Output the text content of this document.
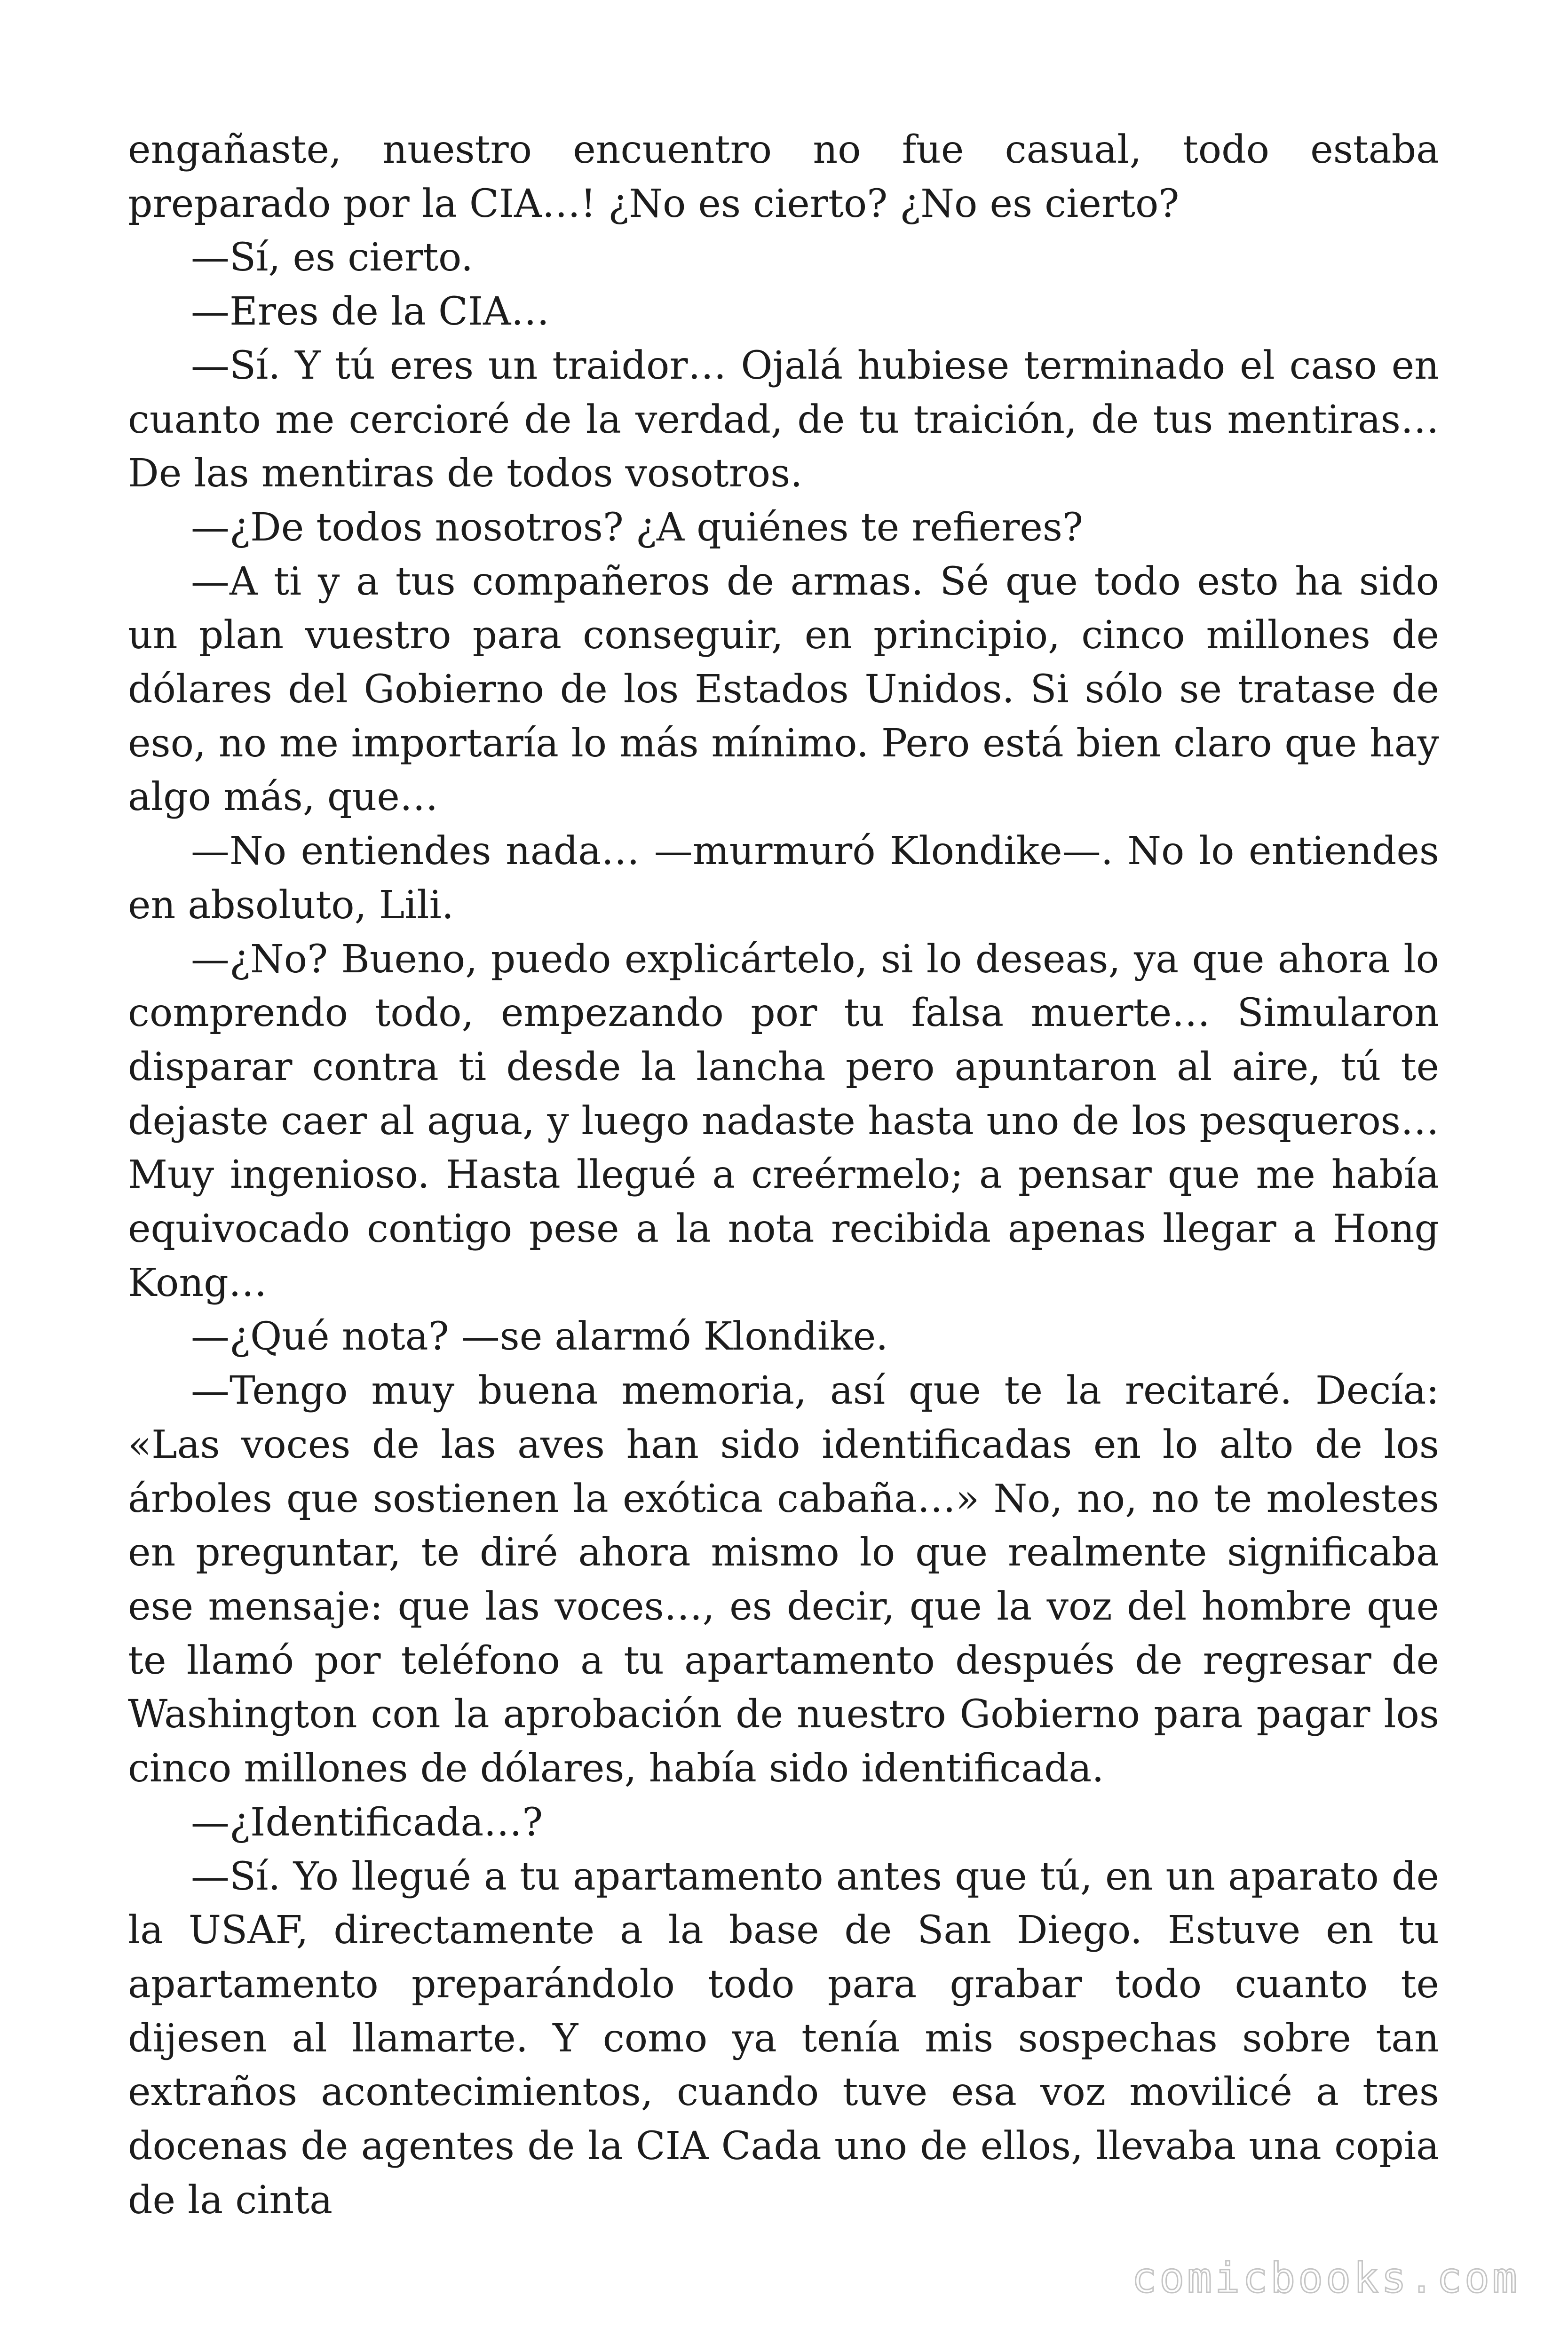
engañaste, nuestro encuentro no fue casual, todo estaba preparado por la CIA…! ¿No es cierto? ¿No es cierto?

—Sí, es cierto.

—Eres de la CIA…

—Sí. Y tú eres un traidor… Ojalá hubiese terminado el caso en cuanto me cercioré de la verdad, de tu traición, de tus mentiras… De las mentiras de todos vosotros.

—¿De todos nosotros? ¿A quiénes te refieres?

—A ti y a tus compañeros de armas. Sé que todo esto ha sido un plan vuestro para conseguir, en principio, cinco millones de dólares del Gobierno de los Estados Unidos. Si sólo se tratase de eso, no me importaría lo más mínimo. Pero está bien claro que hay algo más, que…

—No entiendes nada… —murmuró Klondike—. No lo entiendes en absoluto, Lili.

—¿No? Bueno, puedo explicártelo, si lo deseas, ya que ahora lo comprendo todo, empezando por tu falsa muerte… Simularon disparar contra ti desde la lancha pero apuntaron al aire, tú te dejaste caer al agua, y luego nadaste hasta uno de los pesqueros… Muy ingenioso. Hasta llegué a creérmelo; a pensar que me había equivocado contigo pese a la nota recibida apenas llegar a Hong Kong…

—¿Qué nota? —se alarmó Klondike.

—Tengo muy buena memoria, así que te la recitaré. Decía: «Las voces de las aves han sido identificadas en lo alto de los árboles que sostienen la exótica cabaña…» No, no, no te molestes en preguntar, te diré ahora mismo lo que realmente significaba ese mensaje: que las voces…, es decir, que la voz del hombre que te llamó por teléfono a tu apartamento después de regresar de Washington con la aprobación de nuestro Gobierno para pagar los cinco millones de dólares, había sido identificada.

—¿Identificada…?

—Sí. Yo llegué a tu apartamento antes que tú, en un aparato de la USAF, directamente a la base de San Diego. Estuve en tu apartamento preparándolo todo para grabar todo cuanto te dijesen al llamarte. Y como ya tenía mis sospechas sobre tan extraños acontecimientos, cuando tuve esa voz movilicé a tres docenas de agentes de la CIA Cada uno de ellos, llevaba una copia de la cinta

comicbooks.com
